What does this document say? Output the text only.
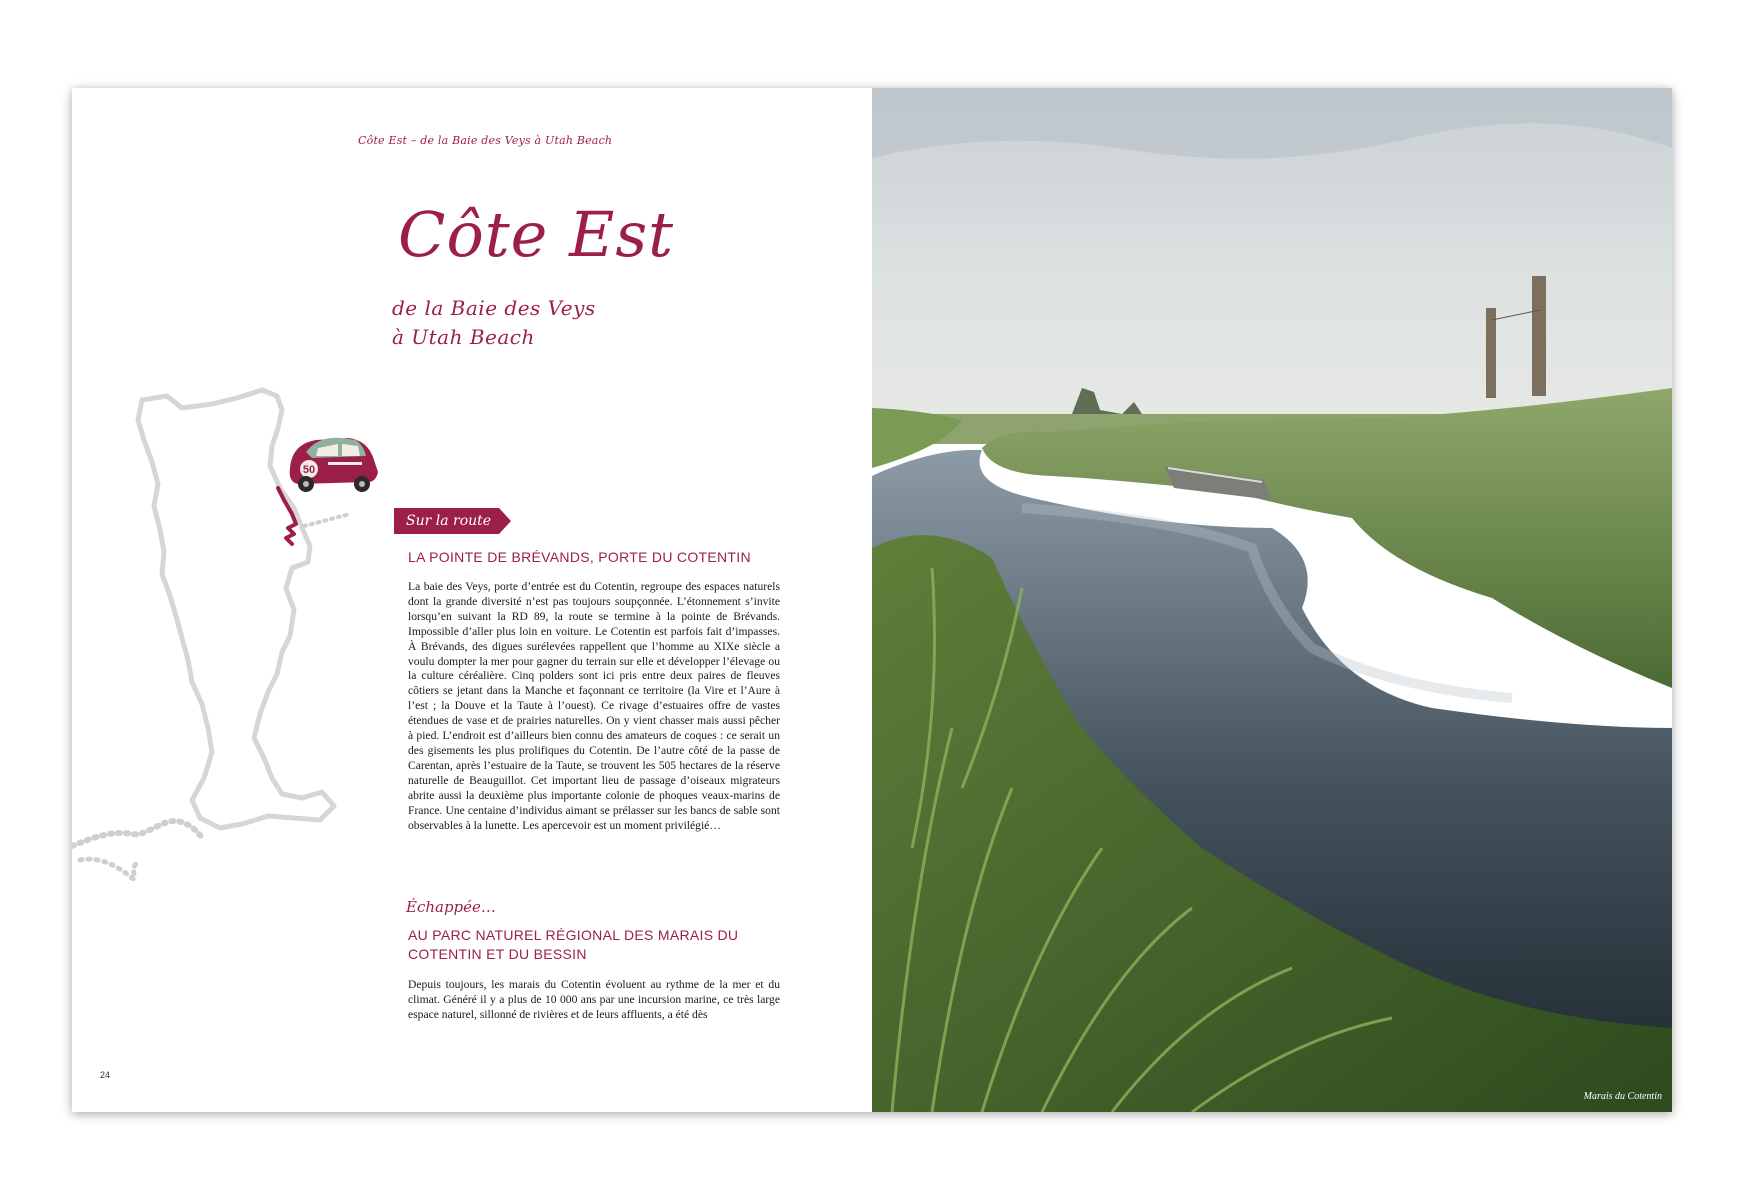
Côte Est – de la Baie des Veys à Utah Beach
Côte Est
de la Baie des Veys
à Utah Beach
50
Sur la route
LA POINTE DE BRÉVANDS, PORTE DU COTENTIN

La baie des Veys, porte d’entrée est du Cotentin, regroupe des espaces naturels dont la grande diversité n’est pas toujours soupçonnée. L’étonnement s’invite lorsqu’en suivant la RD 89, la route se termine à la pointe de Brévands. Impossible d’aller plus loin en voiture. Le Cotentin est parfois fait d’impasses. À Brévands, des digues surélevées rappellent que l’homme au XIXe siècle a voulu dompter la mer pour gagner du terrain sur elle et développer l’élevage ou la culture céréalière. Cinq polders sont ici pris entre deux paires de fleuves côtiers se jetant dans la Manche et façonnant ce territoire (la Vire et l’Aure à l’est ; la Douve et la Taute à l’ouest). Ce rivage d’estuaires offre de vastes étendues de vase et de prairies naturelles. On y vient chasser mais aussi pêcher à pied. L’endroit est d’ailleurs bien connu des amateurs de coques : ce serait un des gisements les plus prolifiques du Cotentin. De l’autre côté de la passe de Carentan, après l’estuaire de la Taute, se trouvent les 505 hectares de la réserve naturelle de Beauguillot. Cet important lieu de passage d’oiseaux migrateurs abrite aussi la deuxième plus importante colonie de phoques veaux-marins de France. Une centaine d’individus aimant se prélasser sur les bancs de sable sont observables à la lunette. Les apercevoir est un moment privilégié…

Échappée…
AU PARC NATUREL RÉGIONAL DES MARAIS DU COTENTIN ET DU BESSIN

Depuis toujours, les marais du Cotentin évoluent au rythme de la mer et du climat. Généré il y a plus de 10 000 ans par une incursion marine, ce très large espace naturel, sillonné de rivières et de leurs affluents, a été dès

24
Marais du Cotentin
